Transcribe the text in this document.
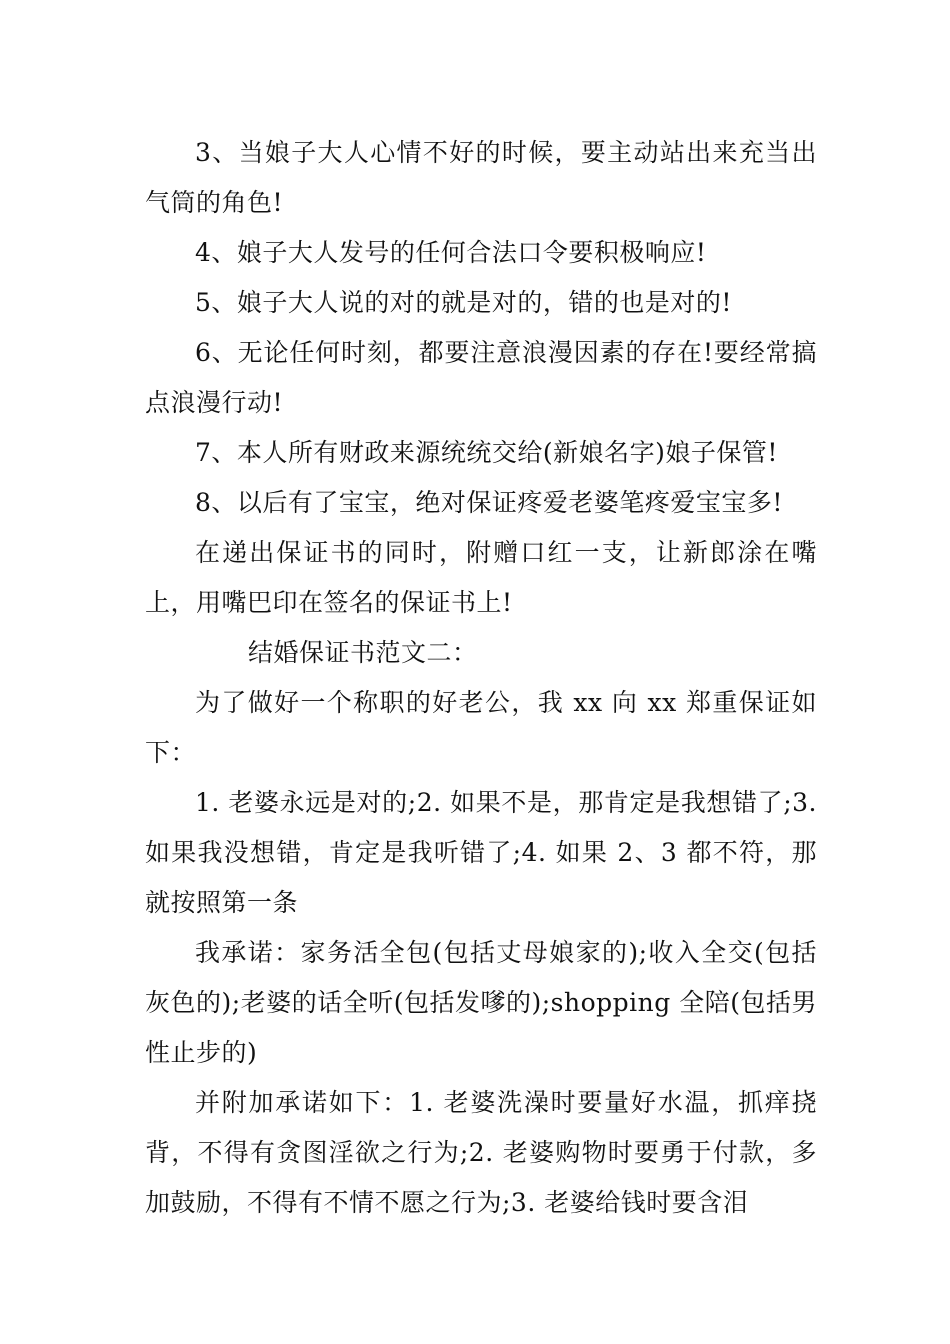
3、当娘子大人心情不好的时候，要主动站出来充当出气筒的角色!

4、娘子大人发号的任何合法口令要积极响应!

5、娘子大人说的对的就是对的，错的也是对的!

6、无论任何时刻，都要注意浪漫因素的存在!要经常搞点浪漫行动!

7、本人所有财政来源统统交给(新娘名字)娘子保管!

8、以后有了宝宝，绝对保证疼爱老婆笔疼爱宝宝多!

在递出保证书的同时，附赠口红一支，让新郎涂在嘴上，用嘴巴印在签名的保证书上!

结婚保证书范文二：

为了做好一个称职的好老公，我 xx 向 xx 郑重保证如下：

1. 老婆永远是对的;2. 如果不是，那肯定是我想错了;3. 如果我没想错，肯定是我听错了;4. 如果 2、3 都不符，那就按照第一条

我承诺：家务活全包(包括丈母娘家的);收入全交(包括灰色的);老婆的话全听(包括发嗲的);shopping 全陪(包括男性止步的)

并附加承诺如下：1. 老婆洗澡时要量好水温，抓痒挠背，不得有贪图淫欲之行为;2. 老婆购物时要勇于付款，多加鼓励，不得有不情不愿之行为;3. 老婆给钱时要含泪
